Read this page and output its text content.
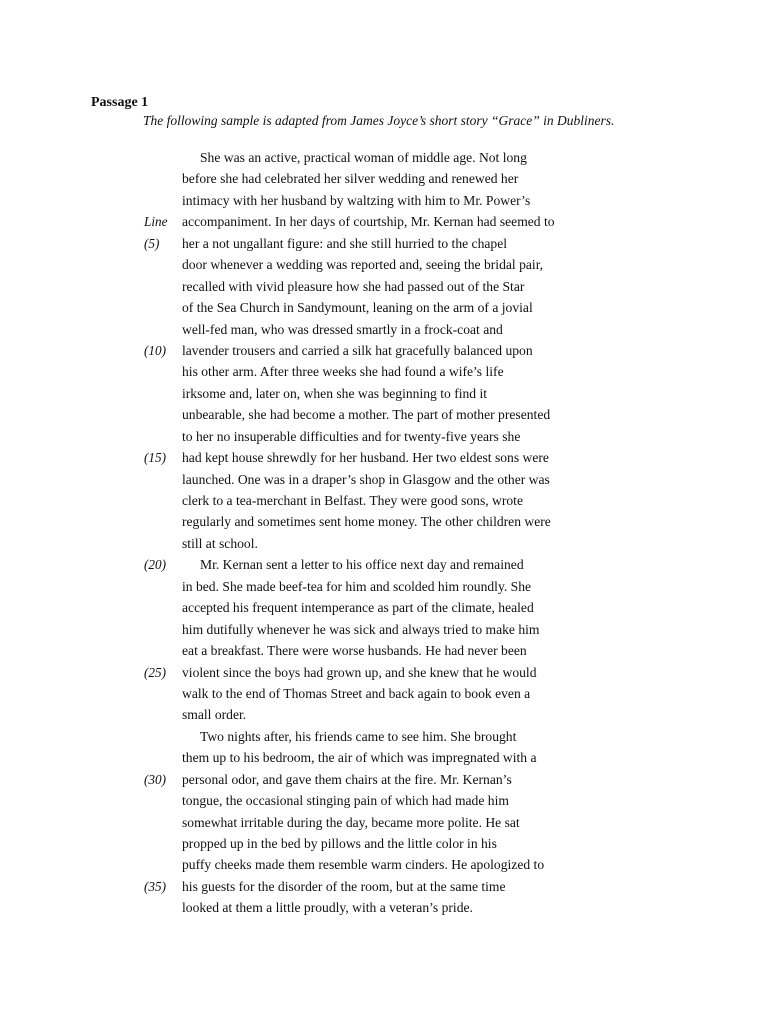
Passage 1
The following sample is adapted from James Joyce’s short story “Grace” in Dubliners.
She was an active, practical woman of middle age. Not long
before she had celebrated her silver wedding and renewed her
intimacy with her husband by waltzing with him to Mr. Power’s
Line	accompaniment. In her days of courtship, Mr. Kernan had seemed to
(5)	her a not ungallant figure: and she still hurried to the chapel
door whenever a wedding was reported and, seeing the bridal pair,
recalled with vivid pleasure how she had passed out of the Star
of the Sea Church in Sandymount, leaning on the arm of a jovial
well-fed man, who was dressed smartly in a frock-coat and
(10)	lavender trousers and carried a silk hat gracefully balanced upon
his other arm. After three weeks she had found a wife’s life
irksome and, later on, when she was beginning to find it
unbearable, she had become a mother. The part of mother presented
to her no insuperable difficulties and for twenty-five years she
(15)	had kept house shrewdly for her husband. Her two eldest sons were
launched. One was in a draper’s shop in Glasgow and the other was
clerk to a tea-merchant in Belfast. They were good sons, wrote
regularly and sometimes sent home money. The other children were
still at school.
(20)	Mr. Kernan sent a letter to his office next day and remained
in bed. She made beef-tea for him and scolded him roundly. She
accepted his frequent intemperance as part of the climate, healed
him dutifully whenever he was sick and always tried to make him
eat a breakfast. There were worse husbands. He had never been
(25)	violent since the boys had grown up, and she knew that he would
walk to the end of Thomas Street and back again to book even a
small order.
Two nights after, his friends came to see him. She brought
them up to his bedroom, the air of which was impregnated with a
(30)	personal odor, and gave them chairs at the fire. Mr. Kernan’s
tongue, the occasional stinging pain of which had made him
somewhat irritable during the day, became more polite. He sat
propped up in the bed by pillows and the little color in his
puffy cheeks made them resemble warm cinders. He apologized to
(35)	his guests for the disorder of the room, but at the same time
looked at them a little proudly, with a veteran’s pride.
